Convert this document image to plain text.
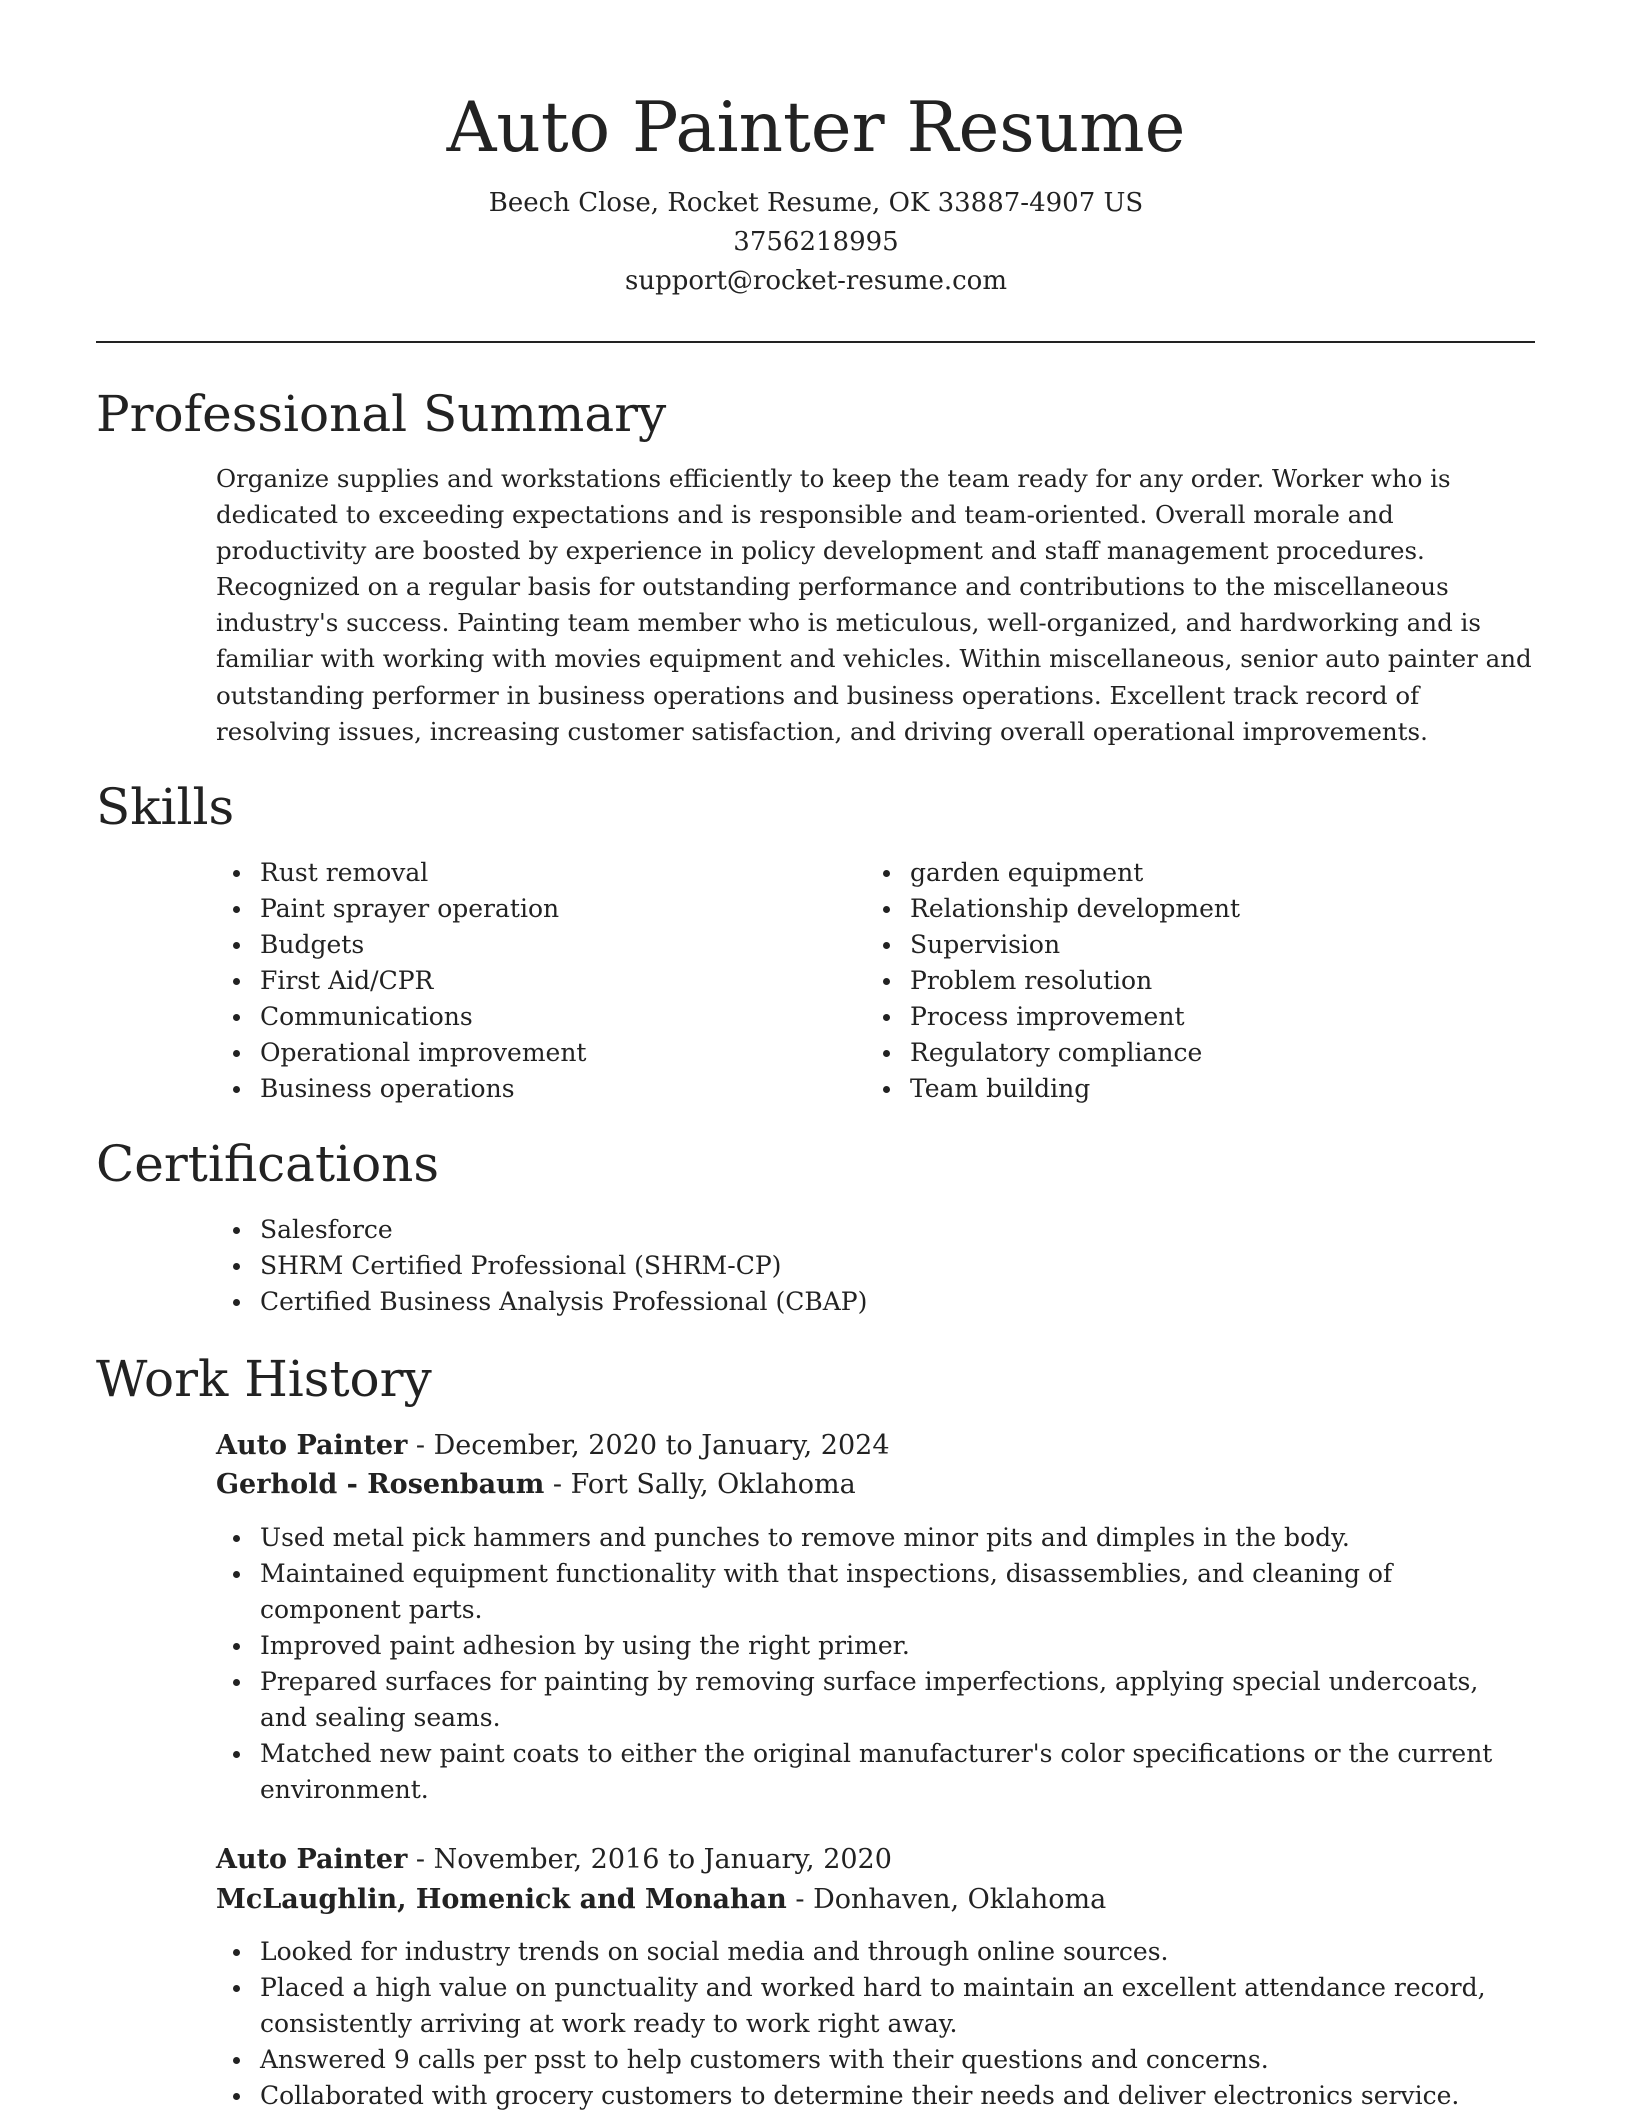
Auto Painter Resume
Beech Close, Rocket Resume, OK 33887-4907 US
3756218995
support@rocket-resume.com
Professional Summary

Organize supplies and workstations efficiently to keep the team ready for any order. Worker who is dedicated to exceeding expectations and is responsible and team-oriented. Overall morale and productivity are boosted by experience in policy development and staff management procedures. Recognized on a regular basis for outstanding performance and contributions to the miscellaneous industry's success. Painting team member who is meticulous, well-organized, and hardworking and is familiar with working with movies equipment and vehicles. Within miscellaneous, senior auto painter and outstanding performer in business operations and business operations. Excellent track record of resolving issues, increasing customer satisfaction, and driving overall operational improvements.

Skills
Rust removal
Paint sprayer operation
Budgets
First Aid/CPR
Communications
Operational improvement
Business operations
garden equipment
Relationship development
Supervision
Problem resolution
Process improvement
Regulatory compliance
Team building
Certifications
Salesforce
SHRM Certified Professional (SHRM-CP)
Certified Business Analysis Professional (CBAP)
Work History
Auto Painter - December, 2020 to January, 2024
Gerhold - Rosenbaum - Fort Sally, Oklahoma
Used metal pick hammers and punches to remove minor pits and dimples in the body.
Maintained equipment functionality with that inspections, disassemblies, and cleaning of component parts.
Improved paint adhesion by using the right primer.
Prepared surfaces for painting by removing surface imperfections, applying special undercoats, and sealing seams.
Matched new paint coats to either the original manufacturer's color specifications or the current environment.
Auto Painter - November, 2016 to January, 2020
McLaughlin, Homenick and Monahan - Donhaven, Oklahoma
Looked for industry trends on social media and through online sources.
Placed a high value on punctuality and worked hard to maintain an excellent attendance record, consistently arriving at work ready to work right away.
Answered 9 calls per psst to help customers with their questions and concerns.
Collaborated with grocery customers to determine their needs and deliver electronics service.
